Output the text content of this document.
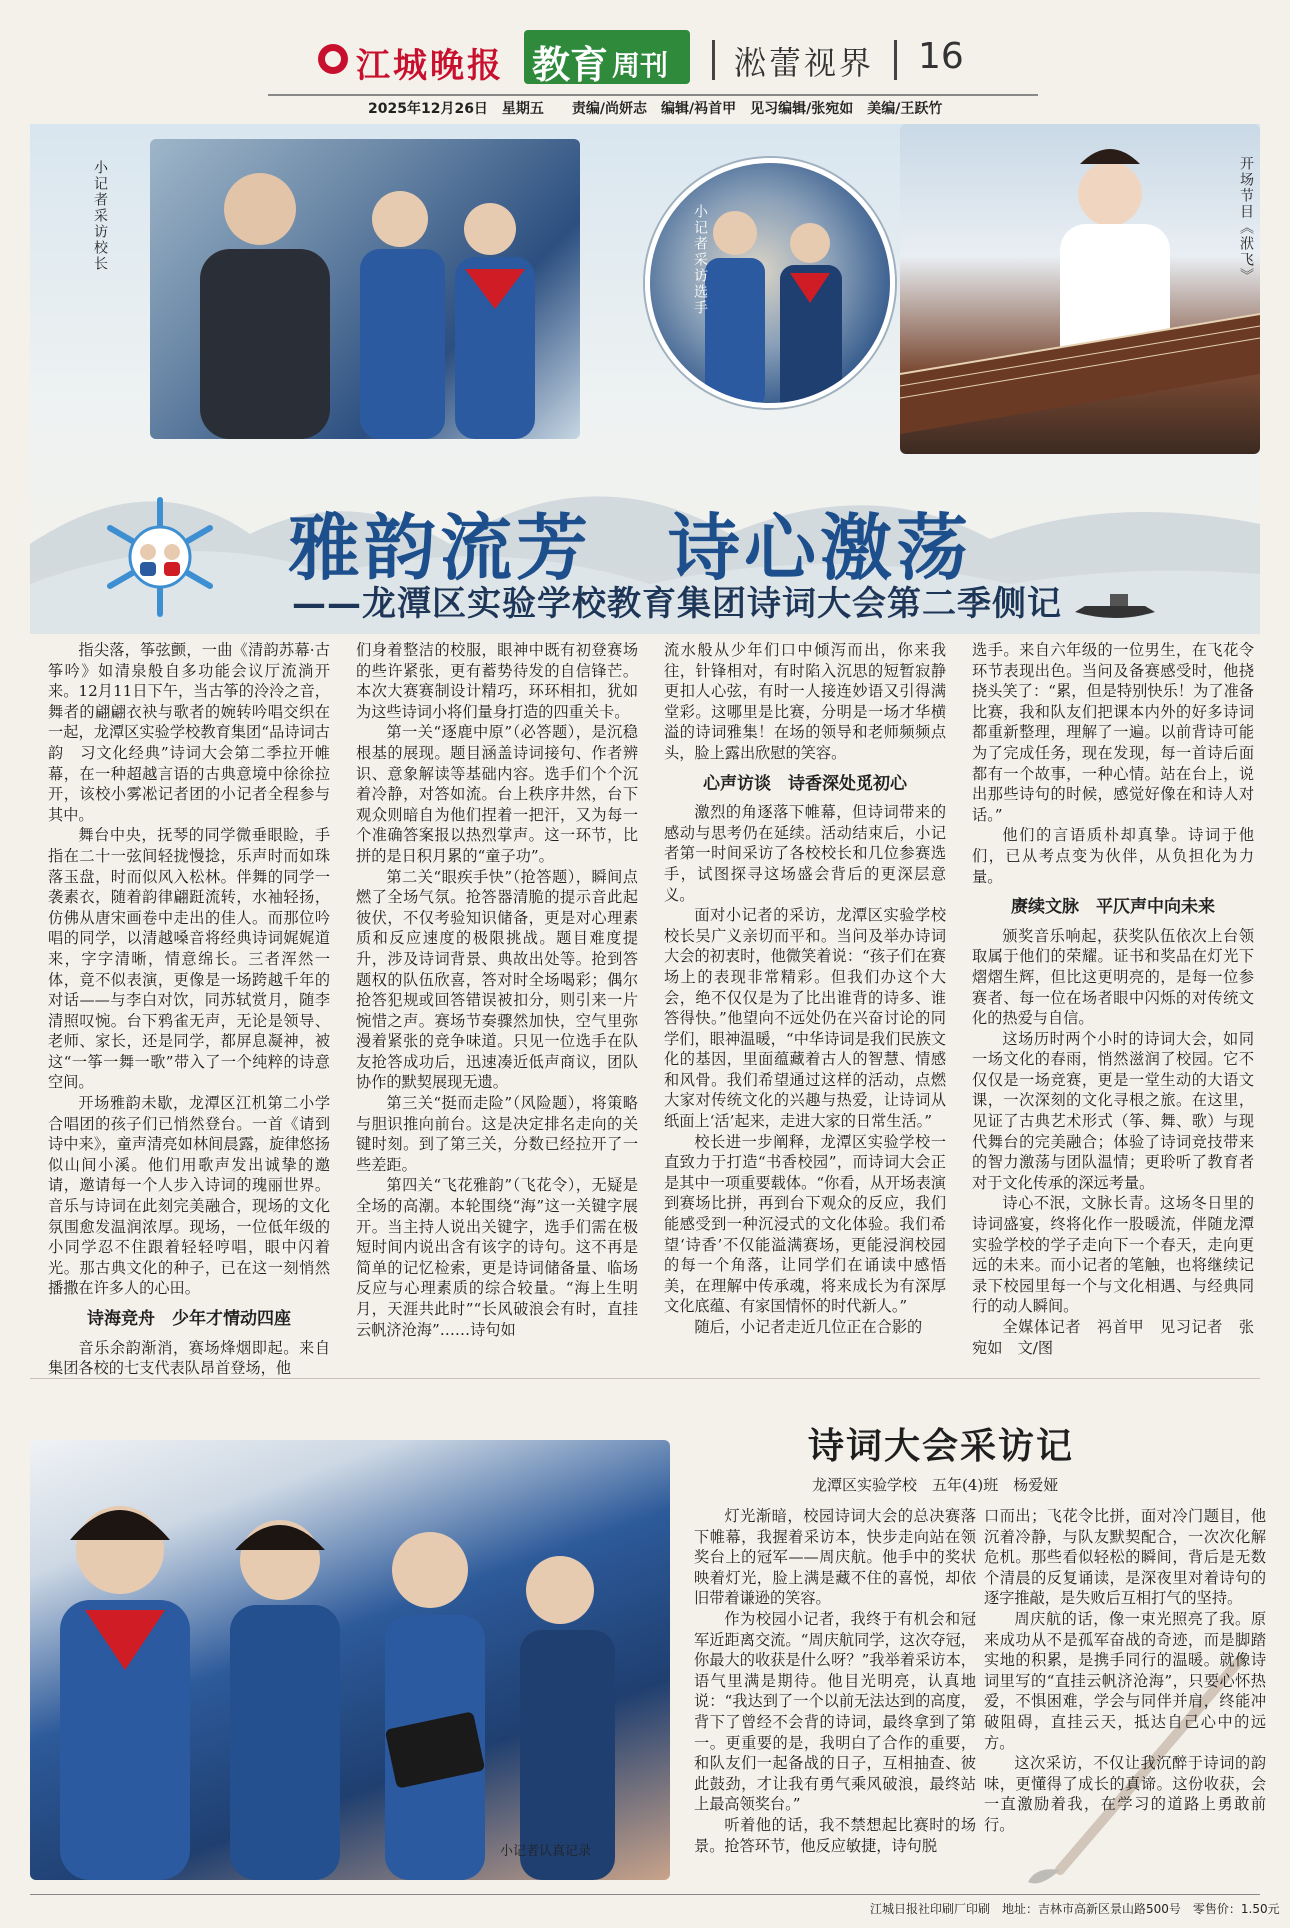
江城晚报 教育 周刊 淞蕾视界 16
2025年12月26日　星期五　　责编/尚妍志　编辑/祃首甲　见习编辑/张宛如　美编/王跃竹
小记者采访校长	小记者采访选手	开场节目《洑飞》
雅韵流芳　诗心激荡
——龙潭区实验学校教育集团诗词大会第二季侧记

指尖落，筝弦颤，一曲《清韵苏幕·古筝吟》如清泉般自多功能会议厅流淌开来。12月11日下午，当古筝的泠泠之音，舞者的翩翩衣袂与歌者的婉转吟唱交织在一起，龙潭区实验学校教育集团“品诗词古韵　习文化经典”诗词大会第二季拉开帷幕，在一种超越言语的古典意境中徐徐拉开，该校小雾凇记者团的小记者全程参与其中。

舞台中央，抚琴的同学微垂眼睑，手指在二十一弦间轻拢慢捻，乐声时而如珠落玉盘，时而似风入松林。伴舞的同学一袭素衣，随着韵律翩跹流转，水袖轻扬，仿佛从唐宋画卷中走出的佳人。而那位吟唱的同学，以清越嗓音将经典诗词娓娓道来，字字清晰，情意绵长。三者浑然一体，竟不似表演，更像是一场跨越千年的对话——与李白对饮，同苏轼赏月，随李清照叹惋。台下鸦雀无声，无论是领导、老师、家长，还是同学，都屏息凝神，被这“一筝一舞一歌”带入了一个纯粹的诗意空间。

开场雅韵未歇，龙潭区江机第二小学合唱团的孩子们已悄然登台。一首《请到诗中来》，童声清亮如林间晨露，旋律悠扬似山间小溪。他们用歌声发出诚挚的邀请，邀请每一个人步入诗词的瑰丽世界。音乐与诗词在此刻完美融合，现场的文化氛围愈发温润浓厚。现场，一位低年级的小同学忍不住跟着轻轻哼唱，眼中闪着光。那古典文化的种子，已在这一刻悄然播撒在许多人的心田。

诗海竞舟　少年才情动四座

音乐余韵渐消，赛场烽烟即起。来自集团各校的七支代表队昂首登场，他

们身着整洁的校服，眼神中既有初登赛场的些许紧张，更有蓄势待发的自信锋芒。本次大赛赛制设计精巧，环环相扣，犹如为这些诗词小将们量身打造的四重关卡。

第一关“逐鹿中原”（必答题），是沉稳根基的展现。题目涵盖诗词接句、作者辨识、意象解读等基础内容。选手们个个沉着冷静，对答如流。台上秩序井然，台下观众则暗自为他们捏着一把汗，又为每一个准确答案报以热烈掌声。这一环节，比拼的是日积月累的“童子功”。

第二关“眼疾手快”（抢答题），瞬间点燃了全场气氛。抢答器清脆的提示音此起彼伏，不仅考验知识储备，更是对心理素质和反应速度的极限挑战。题目难度提升，涉及诗词背景、典故出处等。抢到答题权的队伍欣喜，答对时全场喝彩；偶尔抢答犯规或回答错误被扣分，则引来一片惋惜之声。赛场节奏骤然加快，空气里弥漫着紧张的竞争味道。只见一位选手在队友抢答成功后，迅速凑近低声商议，团队协作的默契展现无遗。

第三关“挺而走险”（风险题），将策略与胆识推向前台。这是决定排名走向的关键时刻。到了第三关，分数已经拉开了一些差距。

第四关“飞花雅韵”（飞花令），无疑是全场的高潮。本轮围绕“海”这一关键字展开。当主持人说出关键字，选手们需在极短时间内说出含有该字的诗句。这不再是简单的记忆检索，更是诗词储备量、临场反应与心理素质的综合较量。“海上生明月，天涯共此时”“长风破浪会有时，直挂云帆济沧海”……诗句如

流水般从少年们口中倾泻而出，你来我往，针锋相对，有时陷入沉思的短暂寂静更扣人心弦，有时一人接连妙语又引得满堂彩。这哪里是比赛，分明是一场才华横溢的诗词雅集！在场的领导和老师频频点头，脸上露出欣慰的笑容。

心声访谈　诗香深处觅初心

激烈的角逐落下帷幕，但诗词带来的感动与思考仍在延续。活动结束后，小记者第一时间采访了各校校长和几位参赛选手，试图探寻这场盛会背后的更深层意义。

面对小记者的采访，龙潭区实验学校校长吴广义亲切而平和。当问及举办诗词大会的初衷时，他微笑着说：“孩子们在赛场上的表现非常精彩。但我们办这个大会，绝不仅仅是为了比出谁背的诗多、谁答得快。”他望向不远处仍在兴奋讨论的同学们，眼神温暖，“中华诗词是我们民族文化的基因，里面蕴藏着古人的智慧、情感和风骨。我们希望通过这样的活动，点燃大家对传统文化的兴趣与热爱，让诗词从纸面上‘活’起来，走进大家的日常生活。”

校长进一步阐释，龙潭区实验学校一直致力于打造“书香校园”，而诗词大会正是其中一项重要载体。“你看，从开场表演到赛场比拼，再到台下观众的反应，我们能感受到一种沉浸式的文化体验。我们希望‘诗香’不仅能溢满赛场，更能浸润校园的每一个角落，让同学们在诵读中感悟美，在理解中传承魂，将来成长为有深厚文化底蕴、有家国情怀的时代新人。”

随后，小记者走近几位正在合影的

选手。来自六年级的一位男生，在飞花令环节表现出色。当问及备赛感受时，他挠挠头笑了：“累，但是特别快乐！为了准备比赛，我和队友们把课本内外的好多诗词都重新整理，理解了一遍。以前背诗可能为了完成任务，现在发现，每一首诗后面都有一个故事，一种心情。站在台上，说出那些诗句的时候，感觉好像在和诗人对话。”

他们的言语质朴却真挚。诗词于他们，已从考点变为伙伴，从负担化为力量。

赓续文脉　平仄声中向未来

颁奖音乐响起，获奖队伍依次上台领取属于他们的荣耀。证书和奖品在灯光下熠熠生辉，但比这更明亮的，是每一位参赛者、每一位在场者眼中闪烁的对传统文化的热爱与自信。

这场历时两个小时的诗词大会，如同一场文化的春雨，悄然滋润了校园。它不仅仅是一场竞赛，更是一堂生动的大语文课，一次深刻的文化寻根之旅。在这里，见证了古典艺术形式（筝、舞、歌）与现代舞台的完美融合；体验了诗词竞技带来的智力激荡与团队温情；更聆听了教育者对于文化传承的深远考量。

诗心不泯，文脉长青。这场冬日里的诗词盛宴，终将化作一股暖流，伴随龙潭实验学校的学子走向下一个春天，走向更远的未来。而小记者的笔触，也将继续记录下校园里每一个与文化相遇、与经典同行的动人瞬间。

全媒体记者　祃首甲　见习记者　张宛如　文/图

小记者认真记录
诗词大会采访记
龙潭区实验学校　五年(4)班　杨爱娅

灯光渐暗，校园诗词大会的总决赛落下帷幕，我握着采访本，快步走向站在领奖台上的冠军——周庆航。他手中的奖状映着灯光，脸上满是藏不住的喜悦，却依旧带着谦逊的笑容。

作为校园小记者，我终于有机会和冠军近距离交流。“周庆航同学，这次夺冠，你最大的收获是什么呀？”我举着采访本，语气里满是期待。他目光明亮，认真地说：“我达到了一个以前无法达到的高度，背下了曾经不会背的诗词，最终拿到了第一。更重要的是，我明白了合作的重要，和队友们一起备战的日子，互相抽查、彼此鼓劲，才让我有勇气乘风破浪，最终站上最高领奖台。”

听着他的话，我不禁想起比赛时的场景。抢答环节，他反应敏捷，诗句脱

口而出；飞花令比拼，面对冷门题目，他沉着冷静，与队友默契配合，一次次化解危机。那些看似轻松的瞬间，背后是无数个清晨的反复诵读，是深夜里对着诗句的逐字推敲，是失败后互相打气的坚持。

周庆航的话，像一束光照亮了我。原来成功从不是孤军奋战的奇迹，而是脚踏实地的积累，是携手同行的温暖。就像诗词里写的“直挂云帆济沧海”，只要心怀热爱，不惧困难，学会与同伴并肩，终能冲破阻碍，直挂云天，抵达自己心中的远方。

这次采访，不仅让我沉醉于诗词的韵味，更懂得了成长的真谛。这份收获，会一直激励着我，在学习的道路上勇敢前行。

江城日报社印刷厂印刷　地址：吉林市高新区景山路500号　零售价：1.50元
